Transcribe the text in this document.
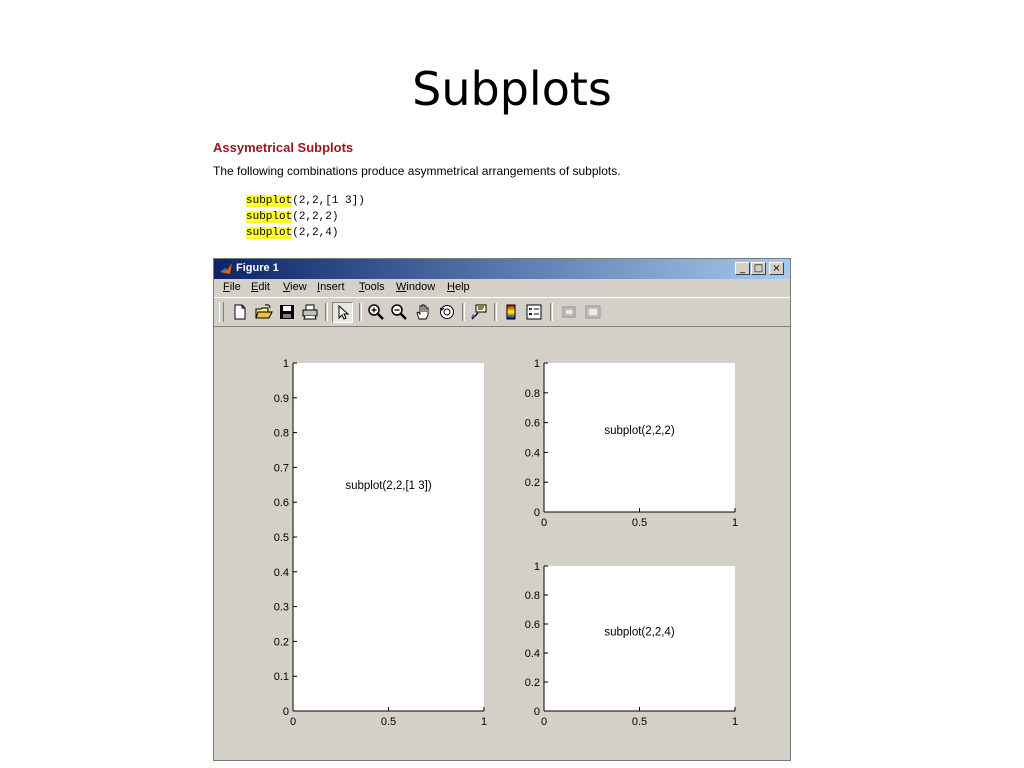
Subplots
Assymetrical Subplots
The following combinations produce asymmetrical arrangements of subplots.
subplot(2,2,[1 3])
subplot(2,2,2)
subplot(2,2,4)
Figure 1	_ □ ×
File Edit View Insert Tools Window Help
0
0.1
0.2
0.3
0.4
0.5
0.6
0.7
0.8
0.9
1
0	0.5	1
subplot(2,2,[1 3])
0
0.2
0.4
0.6
0.8
1
0	0.5	1
subplot(2,2,2)
0
0.2
0.4
0.6
0.8
1
0	0.5	1
subplot(2,2,4)
